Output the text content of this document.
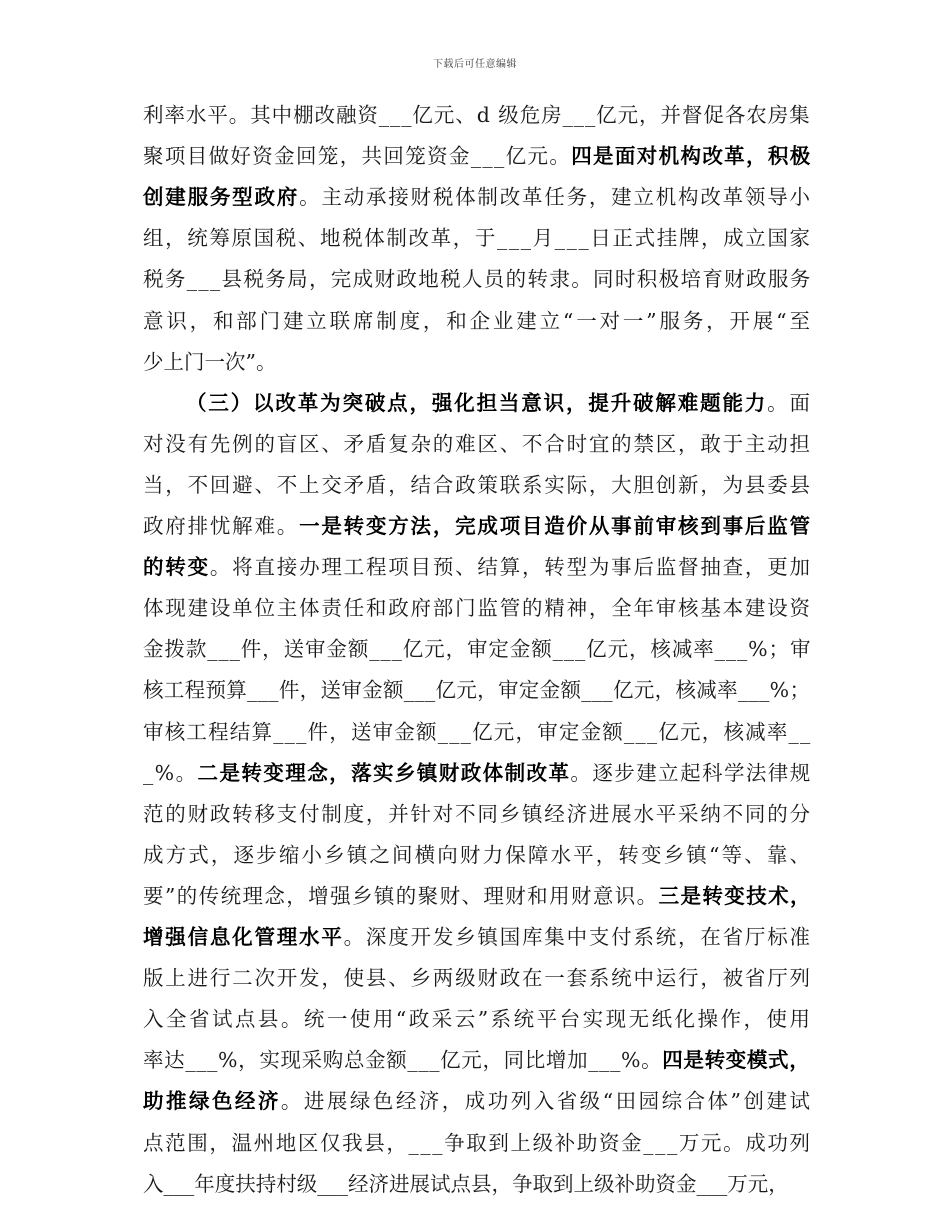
下载后可任意编辑
利率水平。其中棚改融资___亿元、d 级危房___亿元，并督促各农房集
聚项目做好资金回笼，共回笼资金___亿元。四是面对机构改革，积极
创建服务型政府。主动承接财税体制改革任务，建立机构改革领导小
组，统筹原国税、地税体制改革，于___月___日正式挂牌，成立国家
税务___县税务局，完成财政地税人员的转隶。同时积极培育财政服务
意识，和部门建立联席制度，和企业建立“一对一”服务，开展“至
少上门一次”。
（三）以改革为突破点，强化担当意识，提升破解难题能力。面
对没有先例的盲区、矛盾复杂的难区、不合时宜的禁区，敢于主动担
当，不回避、不上交矛盾，结合政策联系实际，大胆创新，为县委县
政府排忧解难。一是转变方法，完成项目造价从事前审核到事后监管
的转变。将直接办理工程项目预、结算，转型为事后监督抽查，更加
体现建设单位主体责任和政府部门监管的精神，全年审核基本建设资
金拨款___件，送审金额___亿元，审定金额___亿元，核减率___%；审
核工程预算___件，送审金额___亿元，审定金额___亿元，核减率___%；
审核工程结算___件，送审金额___亿元，审定金额___亿元，核减率__
_%。二是转变理念，落实乡镇财政体制改革。逐步建立起科学法律规
范的财政转移支付制度，并针对不同乡镇经济进展水平采纳不同的分
成方式，逐步缩小乡镇之间横向财力保障水平，转变乡镇“等、靠、
要”的传统理念，增强乡镇的聚财、理财和用财意识。三是转变技术，
增强信息化管理水平。深度开发乡镇国库集中支付系统，在省厅标准
版上进行二次开发，使县、乡两级财政在一套系统中运行，被省厅列
入全省试点县。统一使用“政采云”系统平台实现无纸化操作，使用
率达___%，实现采购总金额___亿元，同比增加___%。四是转变模式，
助推绿色经济。进展绿色经济，成功列入省级“田园综合体”创建试
点范围，温州地区仅我县，___争取到上级补助资金___万元。成功列
入___年度扶持村级___经济进展试点县，争取到上级补助资金___万元，
